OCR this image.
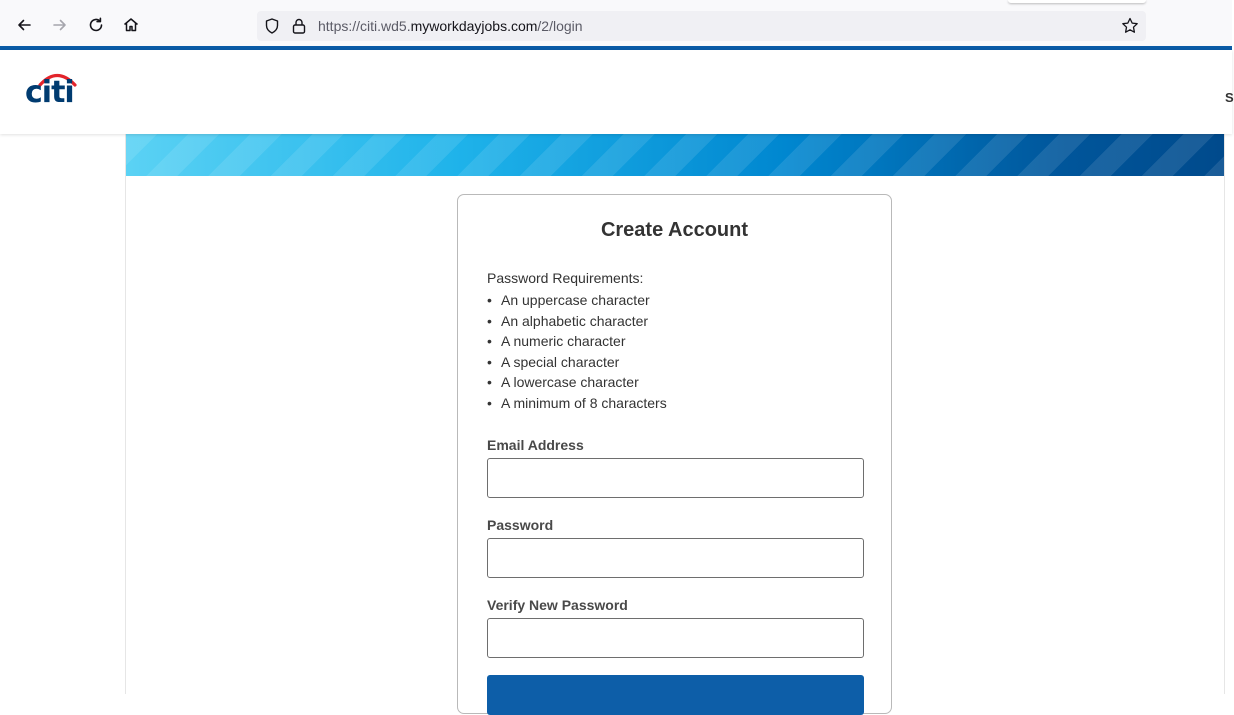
https://citi.wd5.myworkdayjobs.com/2/login
citi	S
Create Account
Password Requirements:
• An uppercase character
• An alphabetic character
• A numeric character
• A special character
• A lowercase character
• A minimum of 8 characters
Email Address
Password
Verify New Password
